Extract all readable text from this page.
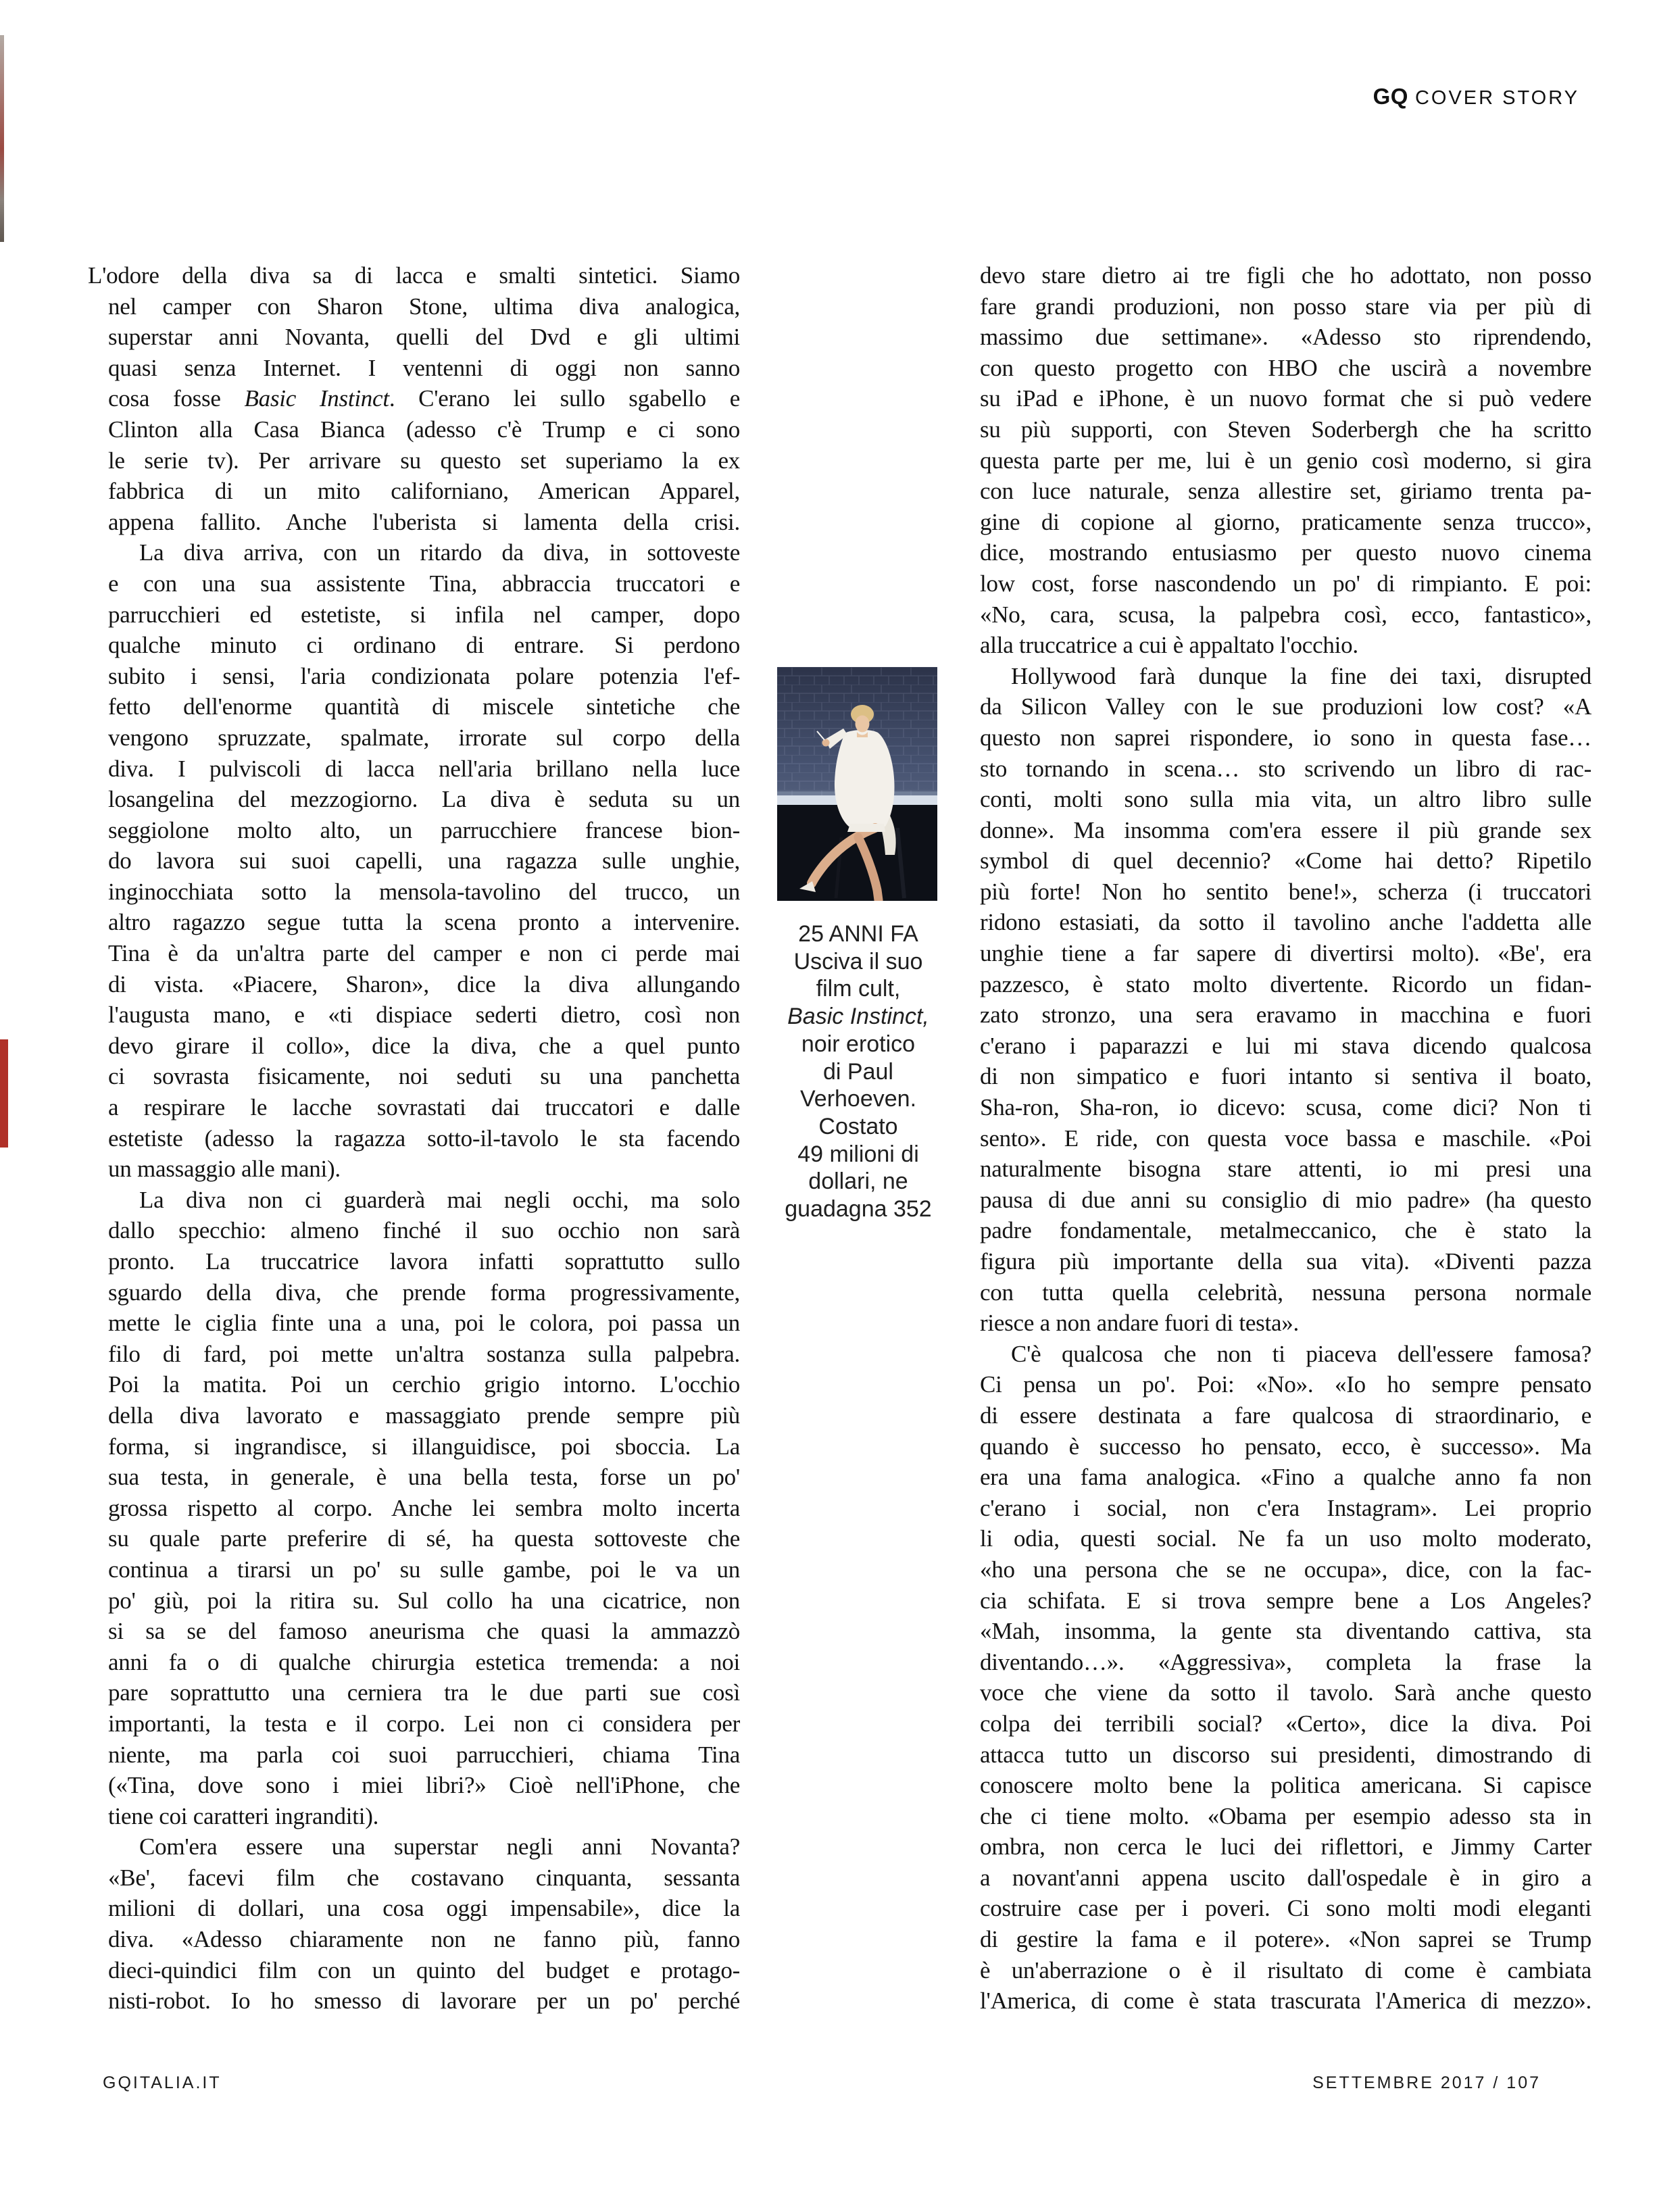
GQ COVER STORY
L'odore della diva sa di lacca e smalti sintetici. Siamo
nel camper con Sharon Stone, ultima diva analogica,
superstar anni Novanta, quelli del Dvd e gli ultimi
quasi senza Internet. I ventenni di oggi non sanno
cosa fosse Basic Instinct. C'erano lei sullo sgabello e
Clinton alla Casa Bianca (adesso c'è Trump e ci sono
le serie tv). Per arrivare su questo set superiamo la ex
fabbrica di un mito californiano, American Apparel,
appena fallito. Anche l'uberista si lamenta della crisi.
La diva arriva, con un ritardo da diva, in sottoveste
e con una sua assistente Tina, abbraccia truccatori e
parrucchieri ed estetiste, si infila nel camper, dopo
qualche minuto ci ordinano di entrare. Si perdono
subito i sensi, l'aria condizionata polare potenzia l'ef-
fetto dell'enorme quantità di miscele sintetiche che
vengono spruzzate, spalmate, irrorate sul corpo della
diva. I pulviscoli di lacca nell'aria brillano nella luce
losangelina del mezzogiorno. La diva è seduta su un
seggiolone molto alto, un parrucchiere francese bion-
do lavora sui suoi capelli, una ragazza sulle unghie,
inginocchiata sotto la mensola-tavolino del trucco, un
altro ragazzo segue tutta la scena pronto a intervenire.
Tina è da un'altra parte del camper e non ci perde mai
di vista. «Piacere, Sharon», dice la diva allungando
l'augusta mano, e «ti dispiace sederti dietro, così non
devo girare il collo», dice la diva, che a quel punto
ci sovrasta fisicamente, noi seduti su una panchetta
a respirare le lacche sovrastati dai truccatori e dalle
estetiste (adesso la ragazza sotto-il-tavolo le sta facendo
un massaggio alle mani).
La diva non ci guarderà mai negli occhi, ma solo
dallo specchio: almeno finché il suo occhio non sarà
pronto. La truccatrice lavora infatti soprattutto sullo
sguardo della diva, che prende forma progressivamente,
mette le ciglia finte una a una, poi le colora, poi passa un
filo di fard, poi mette un'altra sostanza sulla palpebra.
Poi la matita. Poi un cerchio grigio intorno. L'occhio
della diva lavorato e massaggiato prende sempre più
forma, si ingrandisce, si illanguidisce, poi sboccia. La
sua testa, in generale, è una bella testa, forse un po'
grossa rispetto al corpo. Anche lei sembra molto incerta
su quale parte preferire di sé, ha questa sottoveste che
continua a tirarsi un po' su sulle gambe, poi le va un
po' giù, poi la ritira su. Sul collo ha una cicatrice, non
si sa se del famoso aneurisma che quasi la ammazzò
anni fa o di qualche chirurgia estetica tremenda: a noi
pare soprattutto una cerniera tra le due parti sue così
importanti, la testa e il corpo. Lei non ci considera per
niente, ma parla coi suoi parrucchieri, chiama Tina
(«Tina, dove sono i miei libri?» Cioè nell'iPhone, che
tiene coi caratteri ingranditi).
Com'era essere una superstar negli anni Novanta?
«Be', facevi film che costavano cinquanta, sessanta
milioni di dollari, una cosa oggi impensabile», dice la
diva. «Adesso chiaramente non ne fanno più, fanno
dieci-quindici film con un quinto del budget e protago-
nisti-robot. Io ho smesso di lavorare per un po' perché
devo stare dietro ai tre figli che ho adottato, non posso
fare grandi produzioni, non posso stare via per più di
massimo due settimane». «Adesso sto riprendendo,
con questo progetto con HBO che uscirà a novembre
su iPad e iPhone, è un nuovo format che si può vedere
su più supporti, con Steven Soderbergh che ha scritto
questa parte per me, lui è un genio così moderno, si gira
con luce naturale, senza allestire set, giriamo trenta pa-
gine di copione al giorno, praticamente senza trucco»,
dice, mostrando entusiasmo per questo nuovo cinema
low cost, forse nascondendo un po' di rimpianto. E poi:
«No, cara, scusa, la palpebra così, ecco, fantastico»,
alla truccatrice a cui è appaltato l'occhio.
Hollywood farà dunque la fine dei taxi, disrupted
da Silicon Valley con le sue produzioni low cost? «A
questo non saprei rispondere, io sono in questa fase…
sto tornando in scena… sto scrivendo un libro di rac-
conti, molti sono sulla mia vita, un altro libro sulle
donne». Ma insomma com'era essere il più grande sex
symbol di quel decennio? «Come hai detto? Ripetilo
più forte! Non ho sentito bene!», scherza (i truccatori
ridono estasiati, da sotto il tavolino anche l'addetta alle
unghie tiene a far sapere di divertirsi molto). «Be', era
pazzesco, è stato molto divertente. Ricordo un fidan-
zato stronzo, una sera eravamo in macchina e fuori
c'erano i paparazzi e lui mi stava dicendo qualcosa
di non simpatico e fuori intanto si sentiva il boato,
Sha-ron, Sha-ron, io dicevo: scusa, come dici? Non ti
sento». E ride, con questa voce bassa e maschile. «Poi
naturalmente bisogna stare attenti, io mi presi una
pausa di due anni su consiglio di mio padre» (ha questo
padre fondamentale, metalmeccanico, che è stato la
figura più importante della sua vita). «Diventi pazza
con tutta quella celebrità, nessuna persona normale
riesce a non andare fuori di testa».
C'è qualcosa che non ti piaceva dell'essere famosa?
Ci pensa un po'. Poi: «No». «Io ho sempre pensato
di essere destinata a fare qualcosa di straordinario, e
quando è successo ho pensato, ecco, è successo». Ma
era una fama analogica. «Fino a qualche anno fa non
c'erano i social, non c'era Instagram». Lei proprio
li odia, questi social. Ne fa un uso molto moderato,
«ho una persona che se ne occupa», dice, con la fac-
cia schifata. E si trova sempre bene a Los Angeles?
«Mah, insomma, la gente sta diventando cattiva, sta
diventando…». «Aggressiva», completa la frase la
voce che viene da sotto il tavolo. Sarà anche questo
colpa dei terribili social? «Certo», dice la diva. Poi
attacca tutto un discorso sui presidenti, dimostrando di
conoscere molto bene la politica americana. Si capisce
che ci tiene molto. «Obama per esempio adesso sta in
ombra, non cerca le luci dei riflettori, e Jimmy Carter
a novant'anni appena uscito dall'ospedale è in giro a
costruire case per i poveri. Ci sono molti modi eleganti
di gestire la fama e il potere». «Non saprei se Trump
è un'aberrazione o è il risultato di come è cambiata
l'America, di come è stata trascurata l'America di mezzo».
25 ANNI FA
Usciva il suo
film cult,
Basic Instinct,
noir erotico
di Paul
Verhoeven.
Costato
49 milioni di
dollari, ne
guadagna 352
GQITALIA.IT	SETTEMBRE 2017 / 107
